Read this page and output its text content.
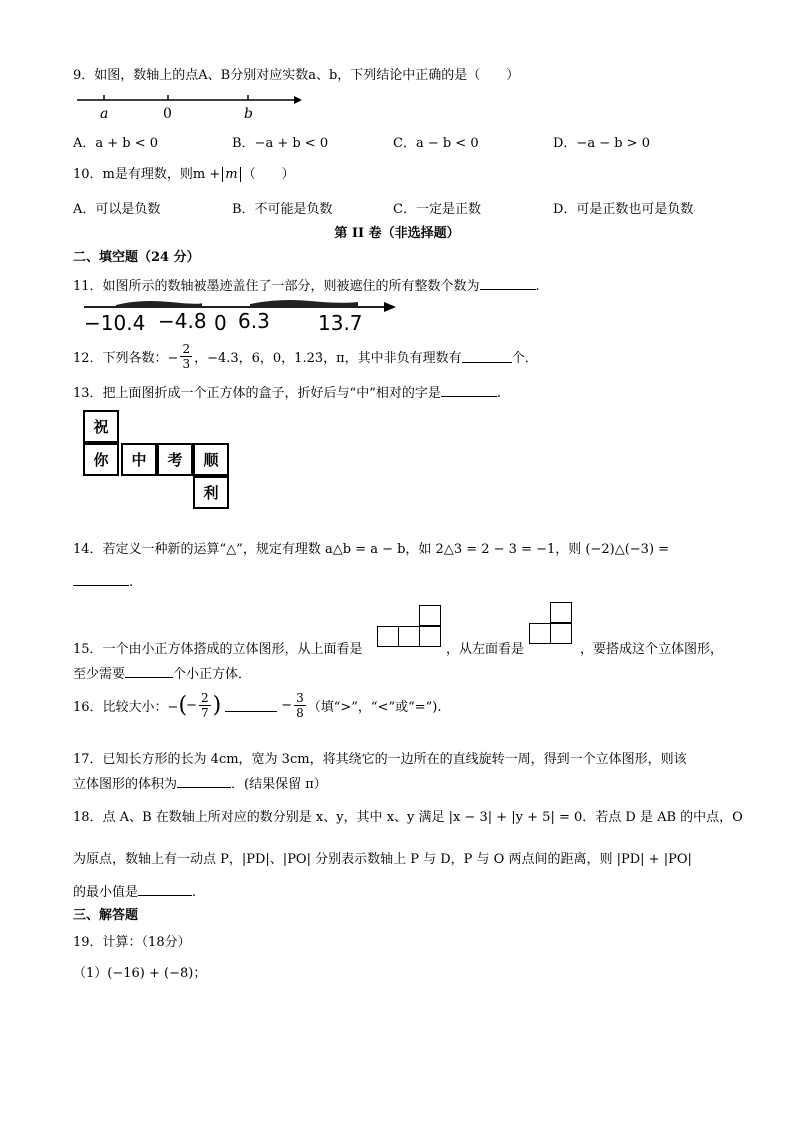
9．如图，数轴上的点A、B分别对应实数a、b，下列结论中正确的是（　　）
a	0	b
A．a + b < 0	B．−a + b < 0	C．a − b < 0	D．−a − b > 0
10．m是有理数，则m + m （　　）
A．可以是负数	B．不可能是负数	C．一定是正数	D．可是正数也可是负数
第 II 卷（非选择题）
二、填空题（24 分）
11．如图所示的数轴被墨迹盖住了一部分，则被遮住的所有整数个数为	.
−10.4 −4.8 0 6.3 13.7
12．下列各数：− $\frac{2}{3}$ ，−4.3，6，0，1.23̇，π，其中非负有理数有	个．
13．把上面图折成一个正方体的盒子，折好后与“中”相对的字是	.
祝
你	中	考	顺
利
14．若定义一种新的运算“△”，规定有理数 a△b = a − b，如 2△3 = 2 − 3 = −1，则 (−2)△(−3) =
.
15．一个由小正方体搭成的立体图形，从上面看是	，从左面看是	，要搭成这个立体图形，
至少需要	个小正方体．
16．比较大小：− ( − $\frac{2}{7}$ )	− $\frac{3}{8}$ （填“>”，“<”或“=”).
17．已知长方形的长为 4cm，宽为 3cm，将其绕它的一边所在的直线旋转一周，得到一个立体图形，则该
立体图形的体积为	．(结果保留 π）
18．点 A、B 在数轴上所对应的数分别是 x、y，其中 x、y 满足 |x − 3| + |y + 5| = 0．若点 D 是 AB 的中点，O
为原点，数轴上有一动点 P，|PD|、|PO| 分别表示数轴上 P 与 D，P 与 O 两点间的距离，则 |PD| + |PO|
的最小值是	.
三、解答题
19．计算：（18分）
（1）(−16) + (−8)；
